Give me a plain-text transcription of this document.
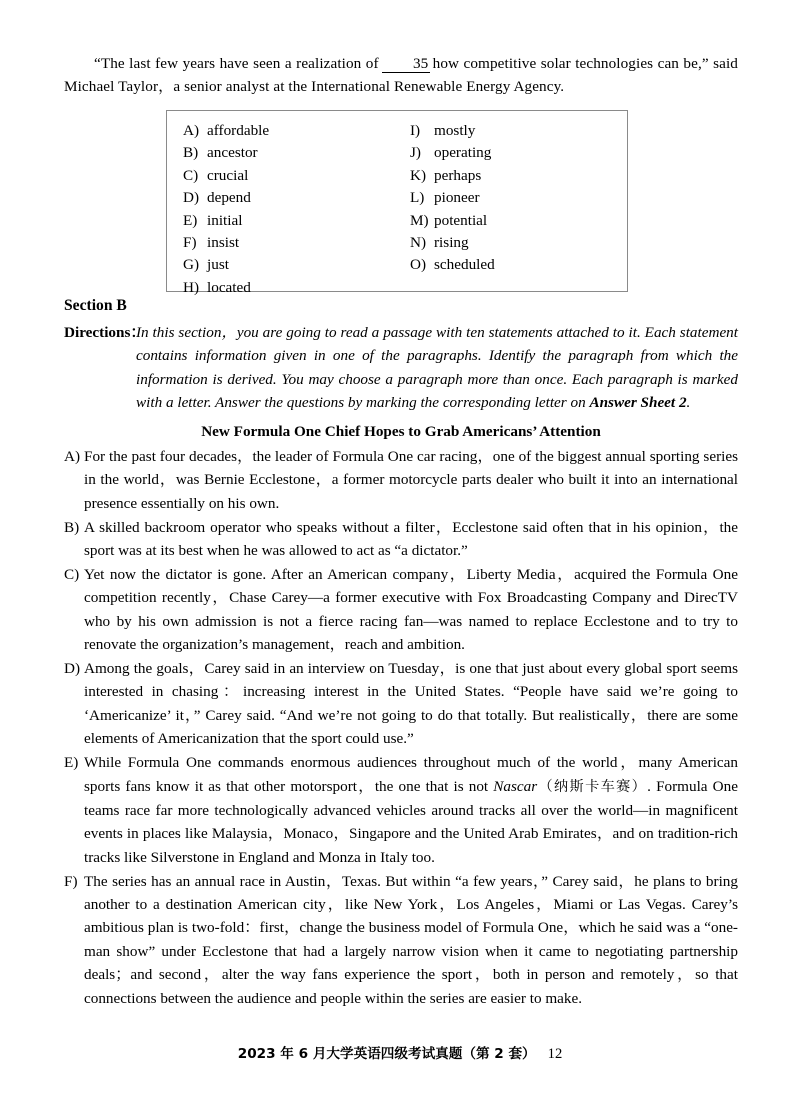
“The last few years have seen a realization of 35 how competitive solar technologies can be,” said Michael Taylor，a senior analyst at the International Renewable Energy Agency.

A) affordable
B) ancestor
C) crucial
D) depend
E) initial
F) insist
G) just
H) located
I) mostly
J) operating
K) perhaps
L) pioneer
M) potential
N) rising
O) scheduled
Section B
Directions：
In this section，you are going to read a passage with ten statements attached to it. Each statement contains information given in one of the paragraphs. Identify the paragraph from which the information is derived. You may choose a paragraph more than once. Each paragraph is marked with a letter. Answer the questions by marking the corresponding letter on Answer Sheet 2.
New Formula One Chief Hopes to Grab Americans’ Attention
A) For the past four decades，the leader of Formula One car racing，one of the biggest annual sporting series in the world，was Bernie Ecclestone，a former motorcycle parts dealer who built it into an international presence essentially on his own.
B) A skilled backroom operator who speaks without a filter，Ecclestone said often that in his opinion，the sport was at its best when he was allowed to act as “a dictator.”
C) Yet now the dictator is gone. After an American company，Liberty Media，acquired the Formula One competition recently，Chase Carey—a former executive with Fox Broadcasting Company and DirecTV who by his own admission is not a fierce racing fan—was named to replace Ecclestone and to try to renovate the organization’s management，reach and ambition.
D) Among the goals，Carey said in an interview on Tuesday，is one that just about every global sport seems interested in chasing：increasing interest in the United States. “People have said we’re going to ‘Americanize’ it，” Carey said. “And we’re not going to do that totally. But realistically，there are some elements of Americanization that the sport could use.”
E) While Formula One commands enormous audiences throughout much of the world，many American sports fans know it as that other motorsport，the one that is not Nascar（纳斯卡车赛）. Formula One teams race far more technologically advanced vehicles around tracks all over the world—in magnificent events in places like Malaysia，Monaco，Singapore and the United Arab Emirates，and on tradition-rich tracks like Silverstone in England and Monza in Italy too.
F) The series has an annual race in Austin，Texas. But within “a few years，” Carey said，he plans to bring another to a destination American city，like New York，Los Angeles，Miami or Las Vegas. Carey’s ambitious plan is two-fold：first，change the business model of Formula One，which he said was a “one-man show” under Ecclestone that had a largely narrow vision when it came to negotiating partnership deals；and second，alter the way fans experience the sport，both in person and remotely，so that connections between the audience and people within the series are easier to make.
2023 年 6 月大学英语四级考试真题（第 2 套） 12
